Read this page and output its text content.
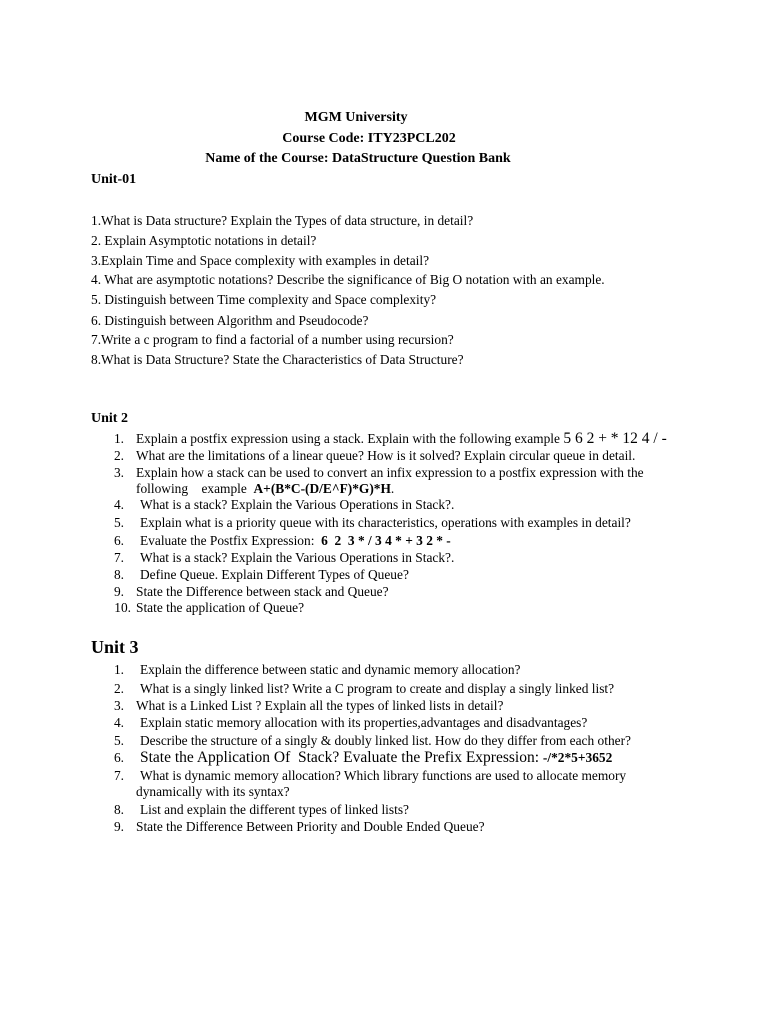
MGM University
Course Code: ITY23PCL202
Name of the Course: DataStructure Question Bank
Unit-01
1.What is Data structure? Explain the Types of data structure, in detail?
2. Explain Asymptotic notations in detail?
3.Explain Time and Space complexity with examples in detail?
4. What are asymptotic notations? Describe the significance of Big O notation with an example.
5. Distinguish between Time complexity and Space complexity?
6. Distinguish between Algorithm and Pseudocode?
7.Write a c program to find a factorial of a number using recursion?
8.What is Data Structure? State the Characteristics of Data Structure?
Unit 2
1. Explain a postfix expression using a stack. Explain with the following example 5 6 2 + * 12 4 / -
2. What are the limitations of a linear queue? How is it solved? Explain circular queue in detail.
3. Explain how a stack can be used to convert an infix expression to a postfix expression with the
following    example  A+(B*C-(D/E^F)*G)*H.
4. What is a stack? Explain the Various Operations in Stack?.
5. Explain what is a priority queue with its characteristics, operations with examples in detail?
6. Evaluate the Postfix Expression:  6  2  3 * / 3 4 * + 3 2 * -
7. What is a stack? Explain the Various Operations in Stack?.
8. Define Queue. Explain Different Types of Queue?
9. State the Difference between stack and Queue?
10. State the application of Queue?
Unit 3
1. Explain the difference between static and dynamic memory allocation?
2. What is a singly linked list? Write a C program to create and display a singly linked list?
3. What is a Linked List ? Explain all the types of linked lists in detail?
4. Explain static memory allocation with its properties,advantages and disadvantages?
5. Describe the structure of a singly & doubly linked list. How do they differ from each other?
6. State the Application Of  Stack? Evaluate the Prefix Expression: -/*2*5+3652
7. What is dynamic memory allocation? Which library functions are used to allocate memory
dynamically with its syntax?
8. List and explain the different types of linked lists?
9. State the Difference Between Priority and Double Ended Queue?
